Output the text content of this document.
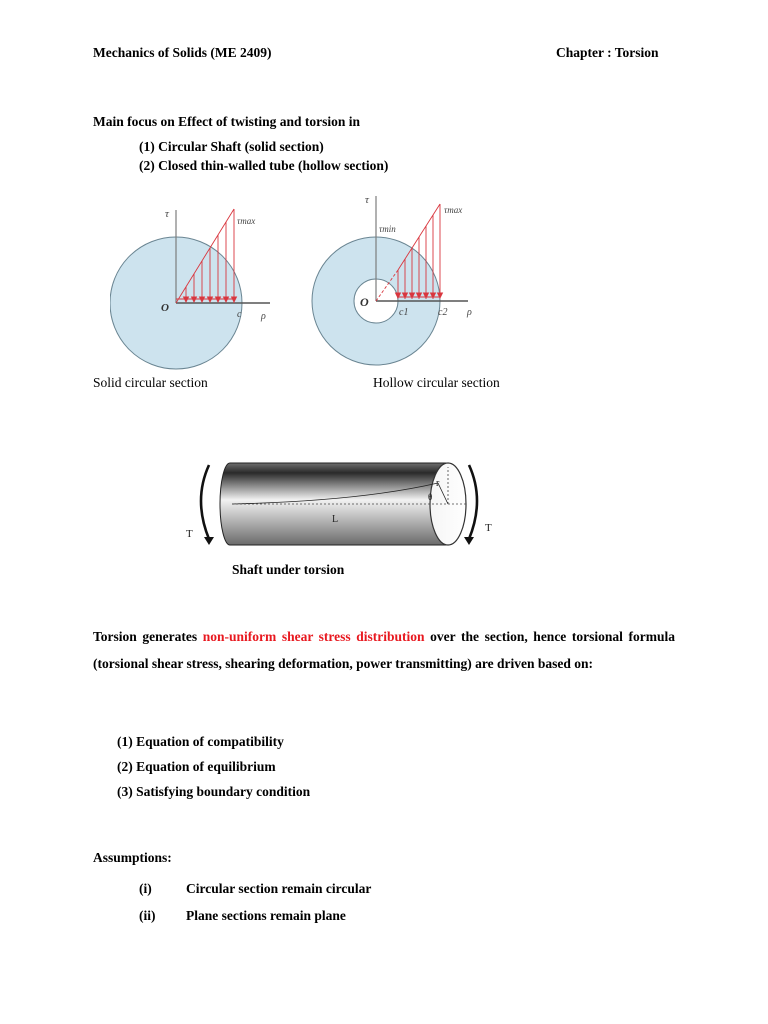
Mechanics of Solids (ME 2409)	Chapter : Torsion
Main focus on Effect of twisting and torsion in
(1) Circular Shaft (solid section)
(2) Closed thin-walled tube (hollow section)
τ
τmax
O
c ρ
τ
τmin
τmax
O
c1	c2 ρ
Solid circular section	Hollow circular section
r
θ
L
T	T
Shaft under torsion
Torsion generates non-uniform shear stress distribution over the section, hence torsional formula (torsional shear stress, shearing deformation, power transmitting) are driven based on:
(1) Equation of compatibility
(2) Equation of equilibrium
(3) Satisfying boundary condition
Assumptions:
(i)	Circular section remain circular
(ii) Plane sections remain plane
